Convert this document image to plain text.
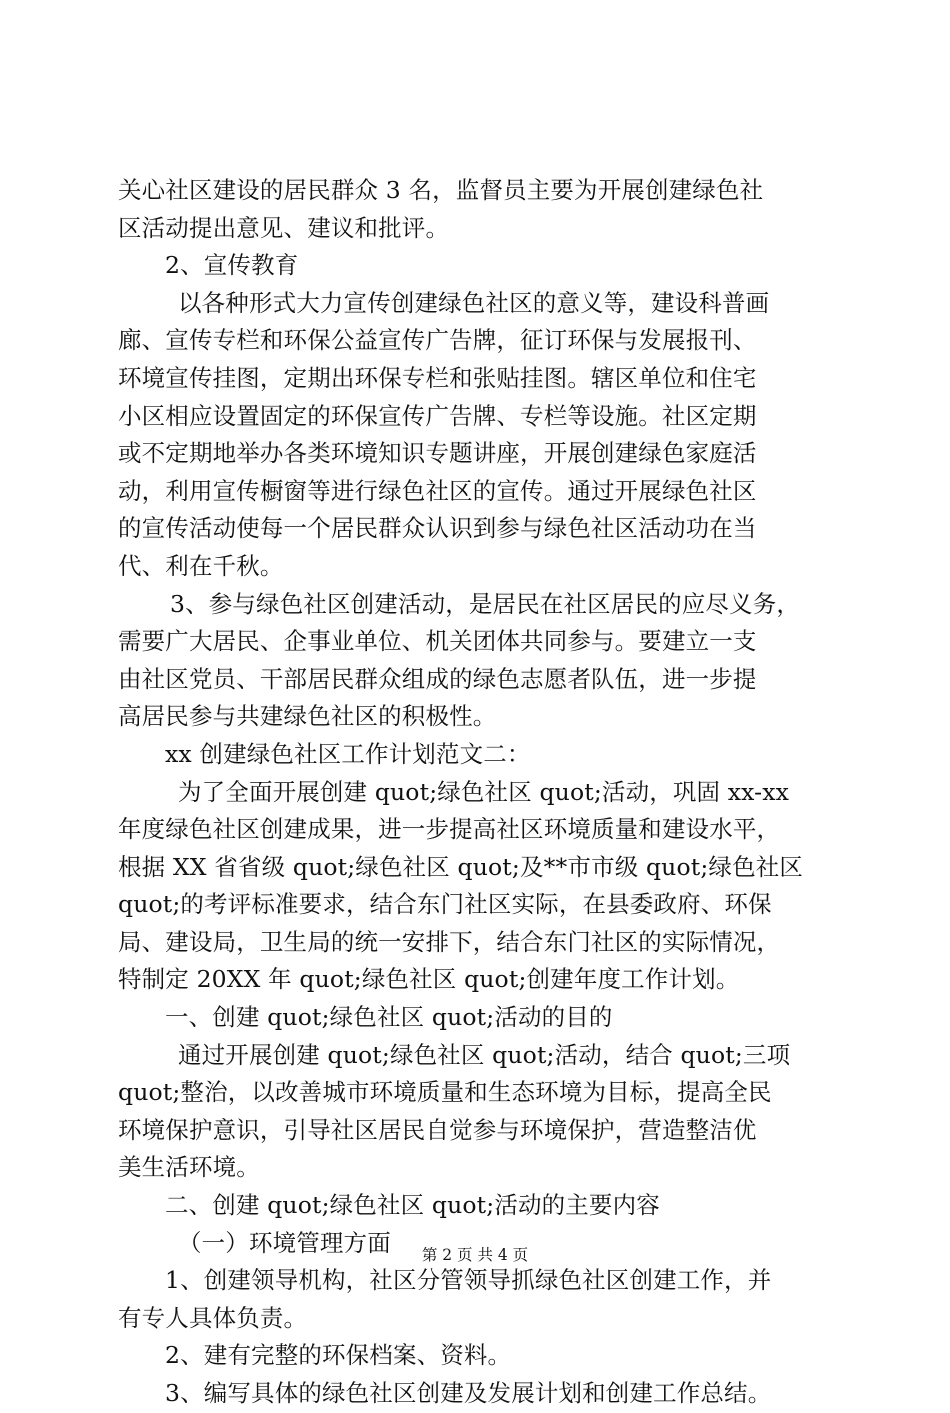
关心社区建设的居民群众 3 名，监督员主要为开展创建绿色社
区活动提出意见、建议和批评。
2、宣传教育
以各种形式大力宣传创建绿色社区的意义等，建设科普画
廊、宣传专栏和环保公益宣传广告牌，征订环保与发展报刊、
环境宣传挂图，定期出环保专栏和张贴挂图。辖区单位和住宅
小区相应设置固定的环保宣传广告牌、专栏等设施。社区定期
或不定期地举办各类环境知识专题讲座，开展创建绿色家庭活
动，利用宣传橱窗等进行绿色社区的宣传。通过开展绿色社区
的宣传活动使每一个居民群众认识到参与绿色社区活动功在当
代、利在千秋。
3、参与绿色社区创建活动，是居民在社区居民的应尽义务，
需要广大居民、企事业单位、机关团体共同参与。要建立一支
由社区党员、干部居民群众组成的绿色志愿者队伍，进一步提
高居民参与共建绿色社区的积极性。
xx 创建绿色社区工作计划范文二：
为了全面开展创建 quot;绿色社区 quot;活动，巩固 xx-xx
年度绿色社区创建成果，进一步提高社区环境质量和建设水平，
根据 XX 省省级 quot;绿色社区 quot;及**市市级 quot;绿色社区
quot;的考评标准要求，结合东门社区实际，在县委政府、环保
局、建设局，卫生局的统一安排下，结合东门社区的实际情况，
特制定 20XX 年 quot;绿色社区 quot;创建年度工作计划。
一、创建 quot;绿色社区 quot;活动的目的
通过开展创建 quot;绿色社区 quot;活动，结合 quot;三项
quot;整治，以改善城市环境质量和生态环境为目标，提高全民
环境保护意识，引导社区居民自觉参与环境保护，营造整洁优
美生活环境。
二、创建 quot;绿色社区 quot;活动的主要内容
（一）环境管理方面
1、创建领导机构，社区分管领导抓绿色社区创建工作，并
有专人具体负责。
2、建有完整的环保档案、资料。
3、编写具体的绿色社区创建及发展计划和创建工作总结。
第 2 页 共 4 页
